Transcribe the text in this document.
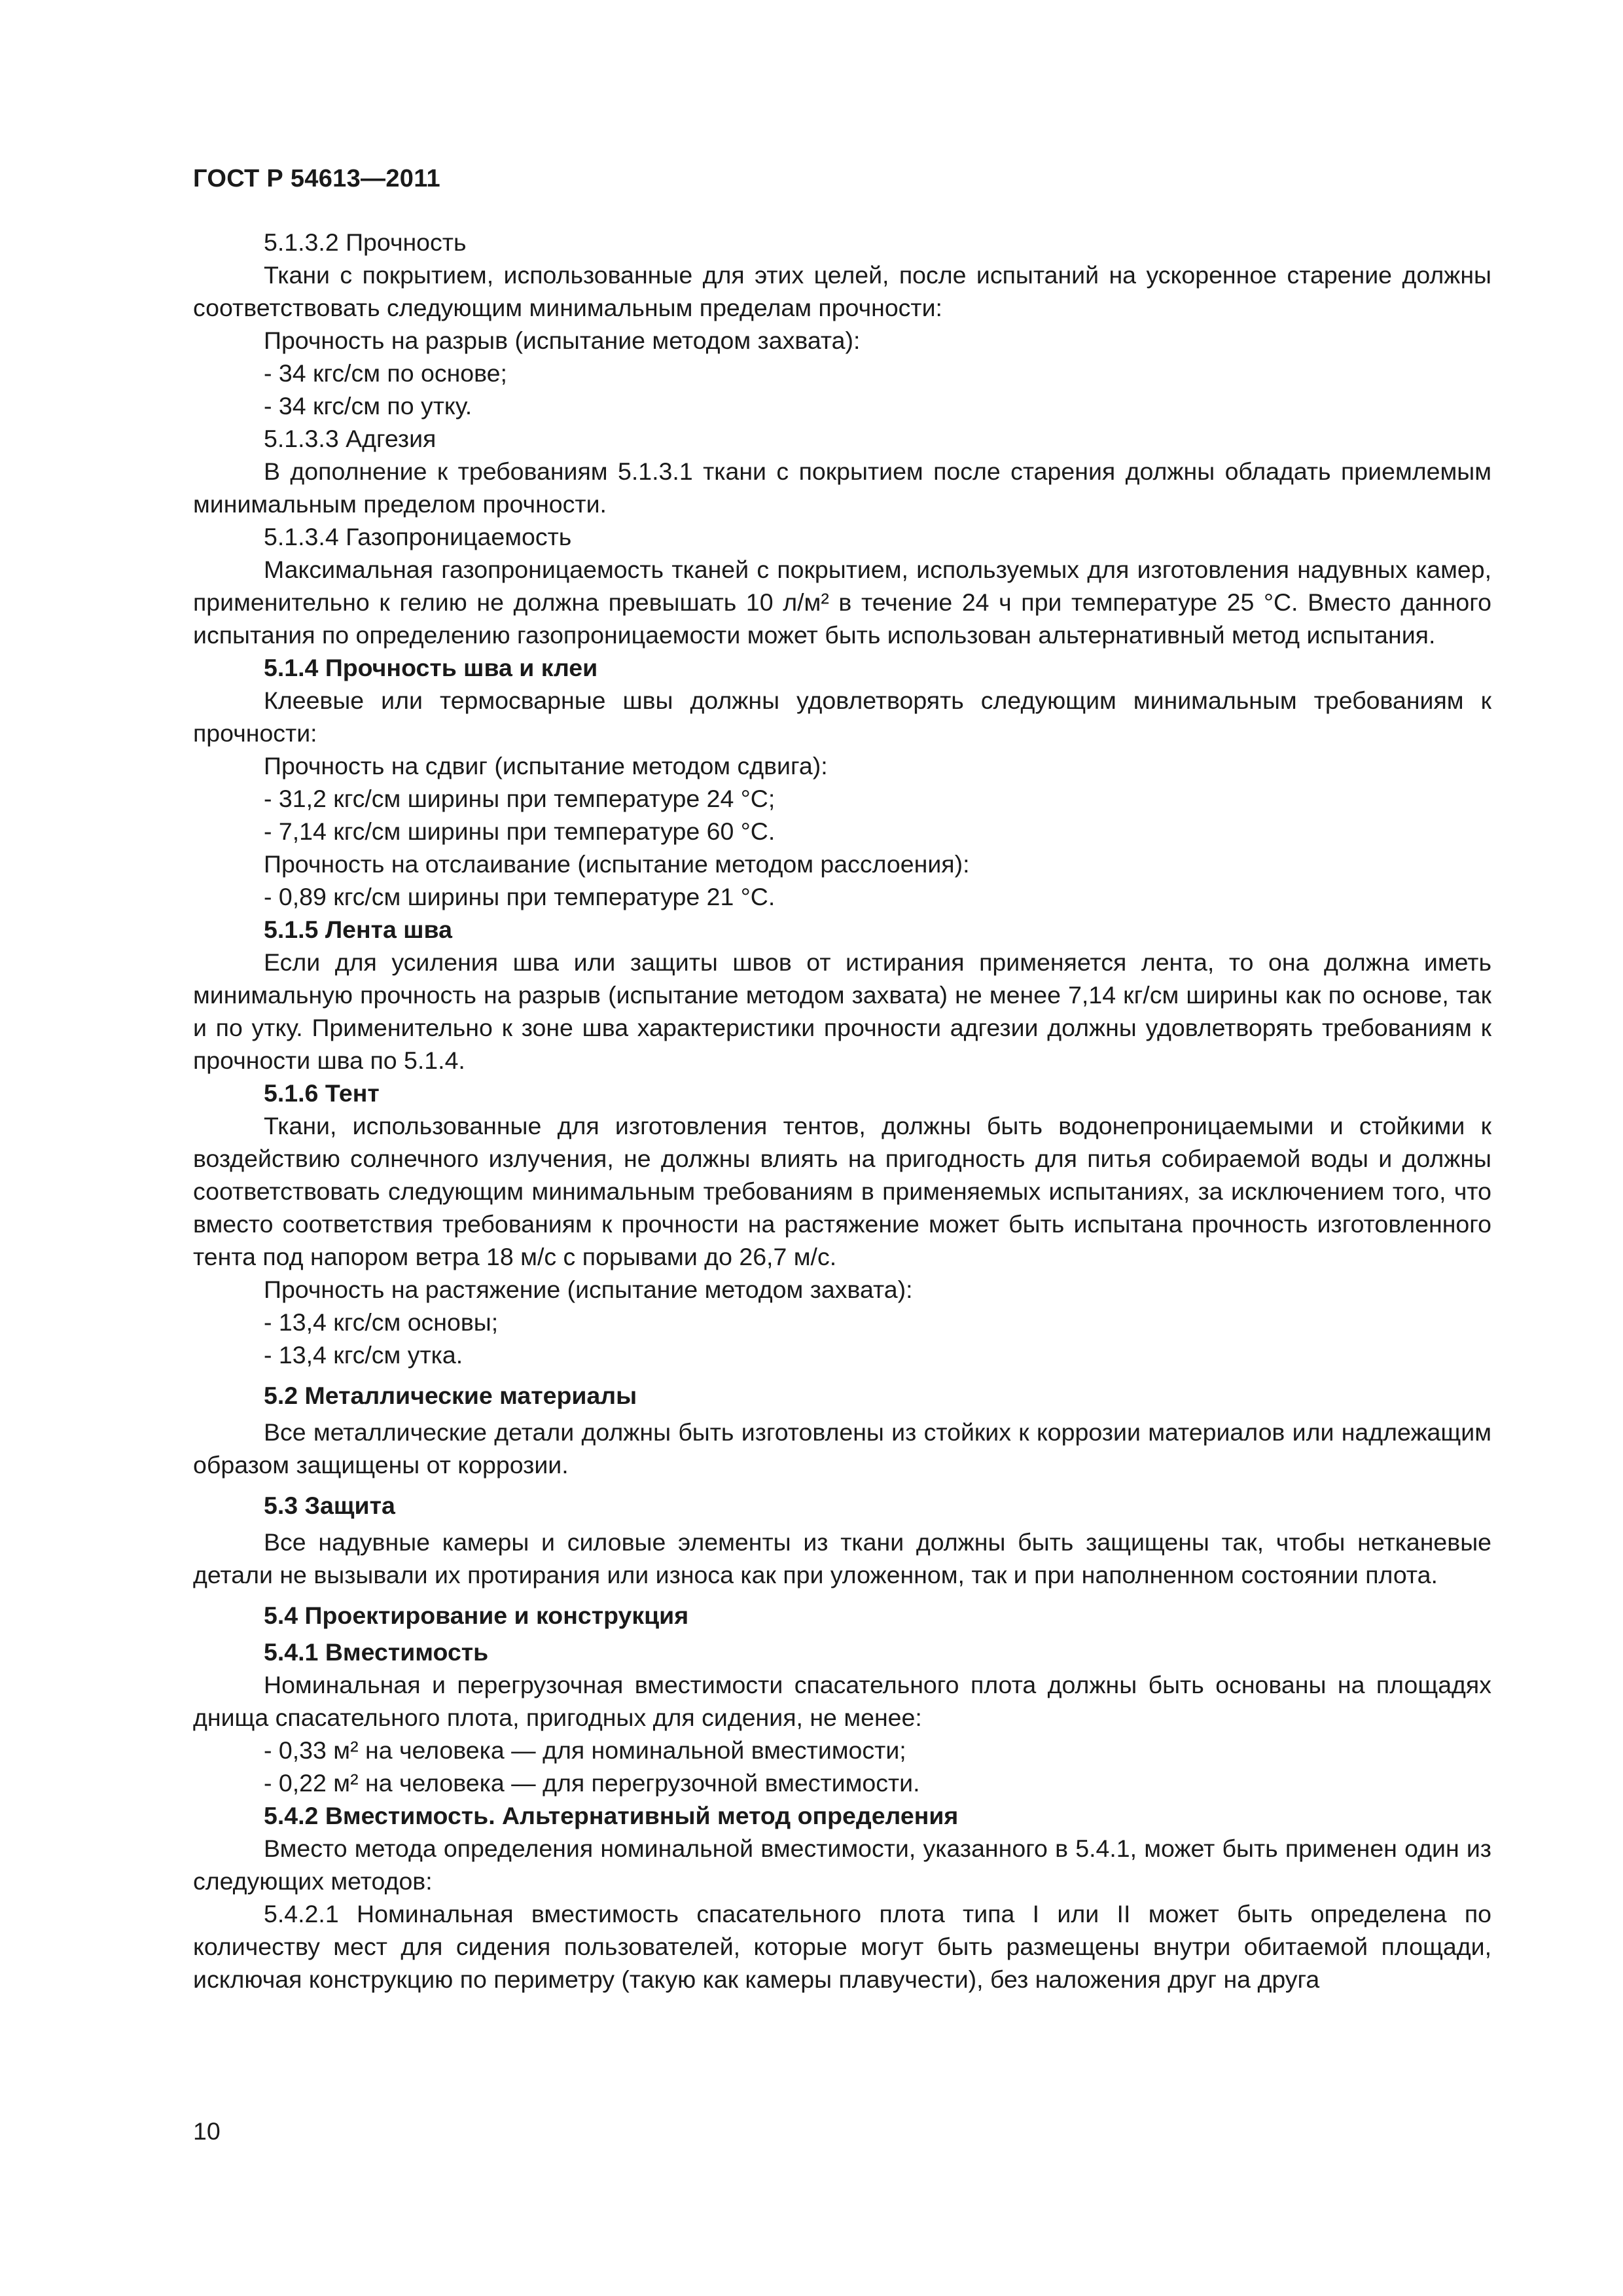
ГОСТ Р 54613—2011

5.1.3.2 Прочность

Ткани с покрытием, использованные для этих целей, после испытаний на ускоренное старение должны соответствовать следующим минимальным пределам прочности:

Прочность на разрыв (испытание методом захвата):

- 34 кгс/см по основе;

- 34 кгс/см по утку.

5.1.3.3 Адгезия

В дополнение к требованиям 5.1.3.1 ткани с покрытием после старения должны обладать приемлемым минимальным пределом прочности.

5.1.3.4 Газопроницаемость

Максимальная газопроницаемость тканей с покрытием, используемых для изготовления надувных камер, применительно к гелию не должна превышать 10 л/м² в течение 24 ч при температуре 25 °С. Вместо данного испытания по определению газопроницаемости может быть использован альтернативный метод испытания.

5.1.4 Прочность шва и клеи

Клеевые или термосварные швы должны удовлетворять следующим минимальным требованиям к прочности:

Прочность на сдвиг (испытание методом сдвига):

- 31,2 кгс/см ширины при температуре 24 °С;

- 7,14 кгс/см ширины при температуре 60 °С.

Прочность на отслаивание (испытание методом расслоения):

- 0,89 кгс/см ширины при температуре 21 °С.

5.1.5 Лента шва

Если для усиления шва или защиты швов от истирания применяется лента, то она должна иметь минимальную прочность на разрыв (испытание методом захвата) не менее 7,14 кг/см ширины как по основе, так и по утку. Применительно к зоне шва характеристики прочности адгезии должны удовлетворять требованиям к прочности шва по 5.1.4.

5.1.6 Тент

Ткани, использованные для изготовления тентов, должны быть водонепроницаемыми и стойкими к воздействию солнечного излучения, не должны влиять на пригодность для питья собираемой воды и должны соответствовать следующим минимальным требованиям в применяемых испытаниях, за исключением того, что вместо соответствия требованиям к прочности на растяжение может быть испытана прочность изготовленного тента под напором ветра 18 м/с с порывами до 26,7 м/с.

Прочность на растяжение (испытание методом захвата):

- 13,4 кгс/см основы;

- 13,4 кгс/см утка.

5.2 Металлические материалы

Все металлические детали должны быть изготовлены из стойких к коррозии материалов или надлежащим образом защищены от коррозии.

5.3 Защита

Все надувные камеры и силовые элементы из ткани должны быть защищены так, чтобы нетканевые детали не вызывали их протирания или износа как при уложенном, так и при наполненном состоянии плота.

5.4 Проектирование и конструкция

5.4.1 Вместимость

Номинальная и перегрузочная вместимости спасательного плота должны быть основаны на площадях днища спасательного плота, пригодных для сидения, не менее:

- 0,33 м² на человека — для номинальной вместимости;

- 0,22 м² на человека — для перегрузочной вместимости.

5.4.2 Вместимость. Альтернативный метод определения

Вместо метода определения номинальной вместимости, указанного в 5.4.1, может быть применен один из следующих методов:

5.4.2.1 Номинальная вместимость спасательного плота типа I или II может быть определена по количеству мест для сидения пользователей, которые могут быть размещены внутри обитаемой площади, исключая конструкцию по периметру (такую как камеры плавучести), без наложения друг на друга

10
